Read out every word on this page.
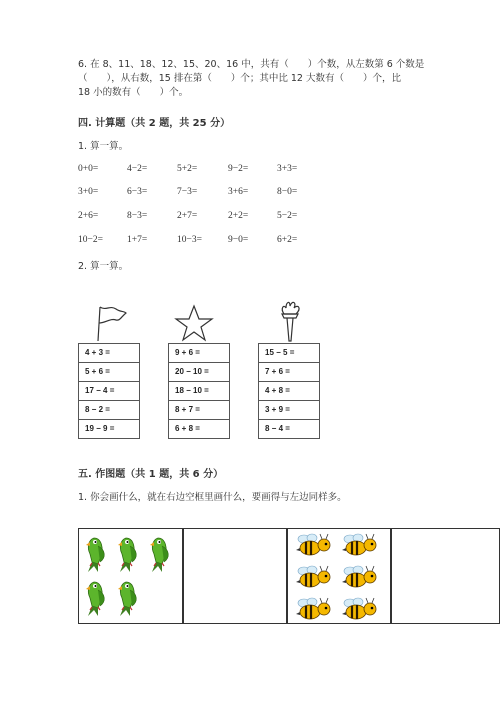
6. 在 8、11、18、12、15、20、16 中，共有（　　）个数，从左数第 6 个数是
（　　），从右数，15 排在第（　　）个；其中比 12 大数有（　　）个，比
18 小的数有（　　）个。
四. 计算题（共 2 题，共 25 分）
1. 算一算。
0+0=	4−2=	5+2=	9−2=	3+3=
3+0=	6−3=	7−3=	3+6=	8−0=
2+6=	8−3=	2+7=	2+2=	5−2=
10−2=	1+7=	10−3=	9−0=	6+2=
2. 算一算。
4 + 3 =
5 + 6 =
17 − 4 =
8 − 2 =
19 − 9 =
9 + 6 =
20 − 10 =
18 − 10 =
8 + 7 =
6 + 8 =
15 − 5 =
7 + 6 =
4 + 8 =
3 + 9 =
8 − 4 =
五. 作图题（共 1 题，共 6 分）
1. 你会画什么，就在右边空框里画什么，要画得与左边同样多。
